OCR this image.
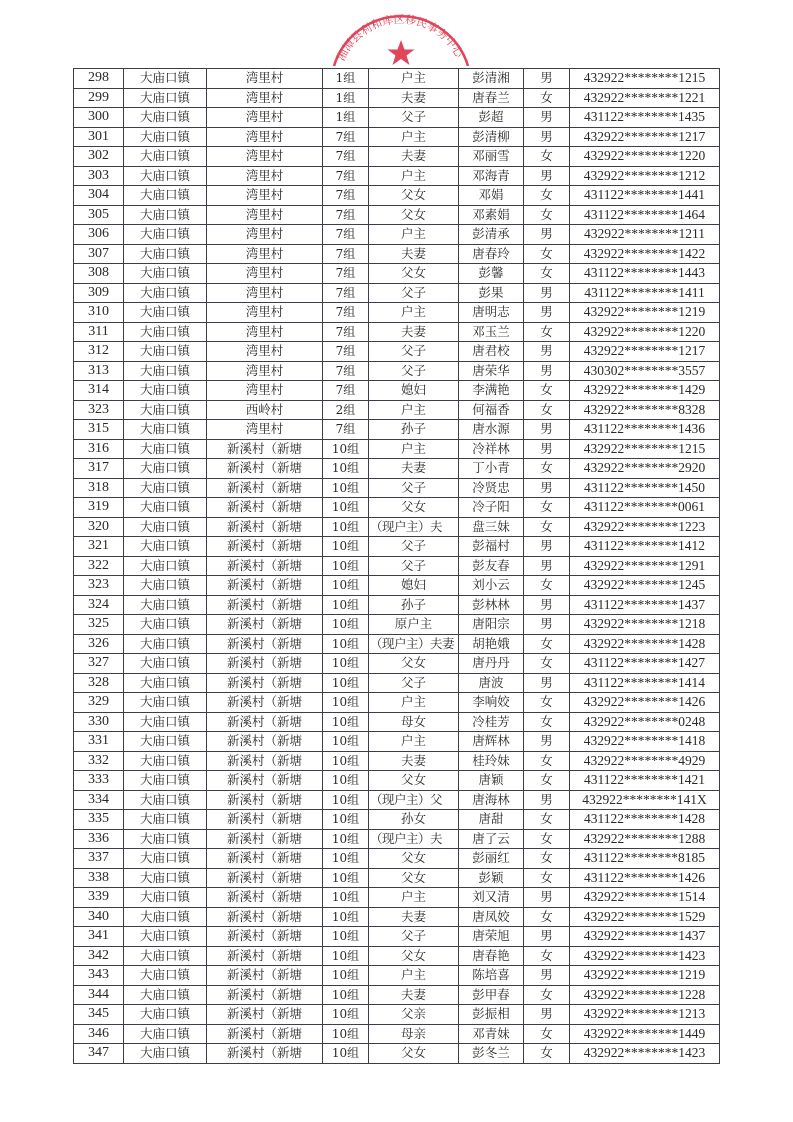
298	大庙口镇	湾里村	1组	户主	彭清湘	男	432922********1215
299	大庙口镇	湾里村	1组	夫妻	唐春兰	女	432922********1221
300	大庙口镇	湾里村	1组	父子	彭超	男	431122********1435
301	大庙口镇	湾里村	7组	户主	彭清柳	男	432922********1217
302	大庙口镇	湾里村	7组	夫妻	邓丽雪	女	432922********1220
303	大庙口镇	湾里村	7组	户主	邓海青	男	432922********1212
304	大庙口镇	湾里村	7组	父女	邓娟	女	431122********1441
305	大庙口镇	湾里村	7组	父女	邓素娟	女	431122********1464
306	大庙口镇	湾里村	7组	户主	彭清承	男	432922********1211
307	大庙口镇	湾里村	7组	夫妻	唐春玲	女	432922********1422
308	大庙口镇	湾里村	7组	父女	彭馨	女	431122********1443
309	大庙口镇	湾里村	7组	父子	彭果	男	431122********1411
310	大庙口镇	湾里村	7组	户主	唐明志	男	432922********1219
311	大庙口镇	湾里村	7组	夫妻	邓玉兰	女	432922********1220
312	大庙口镇	湾里村	7组	父子	唐君校	男	432922********1217
313	大庙口镇	湾里村	7组	父子	唐荣华	男	430302********3557
314	大庙口镇	湾里村	7组	媳妇	李满艳	女	432922********1429
323	大庙口镇	西岭村	2组	户主	何福香	女	432922********8328
315	大庙口镇	湾里村	7组	孙子	唐水源	男	431122********1436
316	大庙口镇	新溪村（新塘	10组	户主	冷祥林	男	432922********1215
317	大庙口镇	新溪村（新塘	10组	夫妻	丁小青	女	432922********2920
318	大庙口镇	新溪村（新塘	10组	父子	冷贤忠	男	431122********1450
319	大庙口镇	新溪村（新塘	10组	父女	冷子阳	女	431122********0061
320	大庙口镇	新溪村（新塘	10组	（现户主）夫	盘三妹	女	432922********1223
321	大庙口镇	新溪村（新塘	10组	父子	彭福村	男	431122********1412
322	大庙口镇	新溪村（新塘	10组	父子	彭友春	男	432922********1291
323	大庙口镇	新溪村（新塘	10组	媳妇	刘小云	女	432922********1245
324	大庙口镇	新溪村（新塘	10组	孙子	彭林林	男	431122********1437
325	大庙口镇	新溪村（新塘	10组	原户主	唐阳宗	男	432922********1218
326	大庙口镇	新溪村（新塘	10组	（现户主）夫妻	胡艳娥	女	432922********1428
327	大庙口镇	新溪村（新塘	10组	父女	唐丹丹	女	431122********1427
328	大庙口镇	新溪村（新塘	10组	父子	唐波	男	431122********1414
329	大庙口镇	新溪村（新塘	10组	户主	李响姣	女	432922********1426
330	大庙口镇	新溪村（新塘	10组	母女	冷桂芳	女	432922********0248
331	大庙口镇	新溪村（新塘	10组	户主	唐辉林	男	432922********1418
332	大庙口镇	新溪村（新塘	10组	夫妻	桂玲妹	女	432922********4929
333	大庙口镇	新溪村（新塘	10组	父女	唐颖	女	431122********1421
334	大庙口镇	新溪村（新塘	10组	（现户主）父	唐海林	男	432922********141X
335	大庙口镇	新溪村（新塘	10组	孙女	唐甜	女	431122********1428
336	大庙口镇	新溪村（新塘	10组	（现户主）夫	唐了云	女	432922********1288
337	大庙口镇	新溪村（新塘	10组	父女	彭丽红	女	431122********8185
338	大庙口镇	新溪村（新塘	10组	父女	彭颖	女	431122********1426
339	大庙口镇	新溪村（新塘	10组	户主	刘又清	男	432922********1514
340	大庙口镇	新溪村（新塘	10组	夫妻	唐凤姣	女	432922********1529
341	大庙口镇	新溪村（新塘	10组	父子	唐荣旭	男	432922********1437
342	大庙口镇	新溪村（新塘	10组	父女	唐春艳	女	432922********1423
343	大庙口镇	新溪村（新塘	10组	户主	陈培喜	男	432922********1219
344	大庙口镇	新溪村（新塘	10组	夫妻	彭甲春	女	432922********1228
345	大庙口镇	新溪村（新塘	10组	父亲	彭振相	男	432922********1213
346	大庙口镇	新溪村（新塘	10组	母亲	邓青妹	女	432922********1449
347	大庙口镇	新溪村（新塘	10组	父女	彭冬兰	女	432922********1423
湘潭县利和库区移民事务中心
